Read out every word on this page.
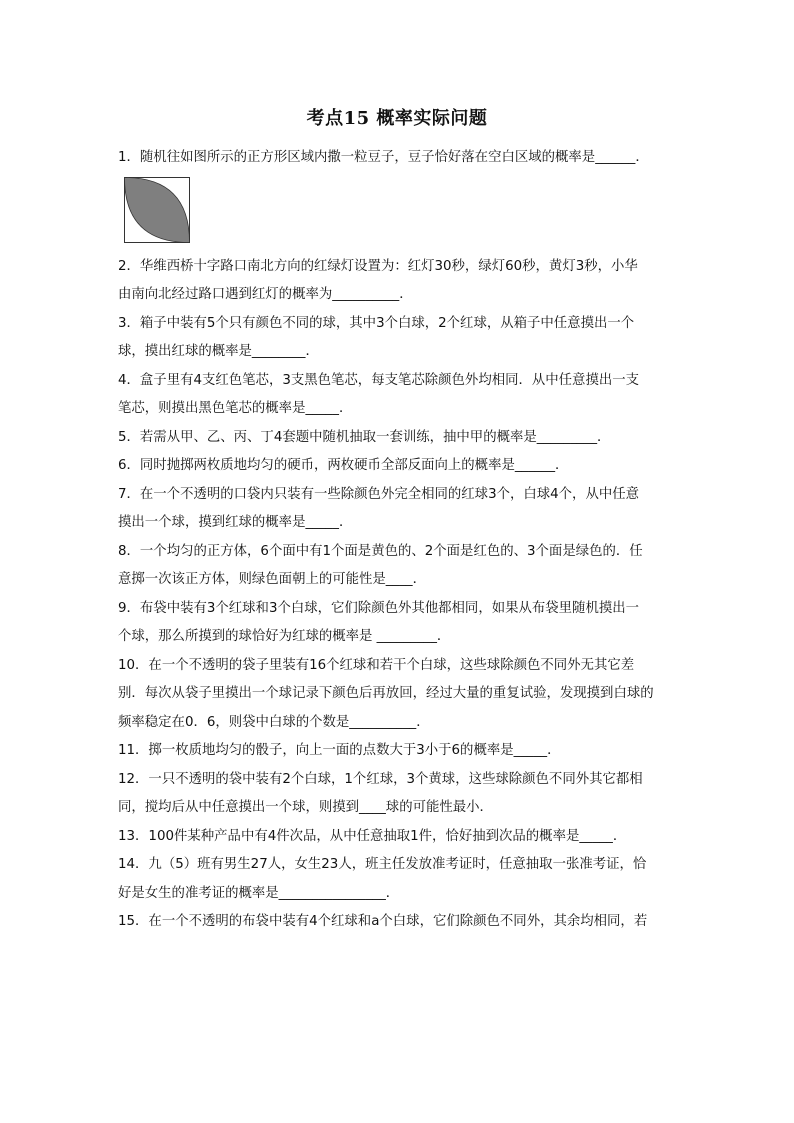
考点15 概率实际问题

1．随机往如图所示的正方形区域内撒一粒豆子，豆子恰好落在空白区域的概率是______．

2．华维西桥十字路口南北方向的红绿灯设置为：红灯30秒，绿灯60秒，黄灯3秒，小华

由南向北经过路口遇到红灯的概率为__________．

3．箱子中装有5个只有颜色不同的球，其中3个白球，2个红球，从箱子中任意摸出一个

球，摸出红球的概率是________．

4．盒子里有4支红色笔芯，3支黑色笔芯，每支笔芯除颜色外均相同．从中任意摸出一支

笔芯，则摸出黑色笔芯的概率是_____．

5．若需从甲、乙、丙、丁4套题中随机抽取一套训练，抽中甲的概率是_________．

6．同时抛掷两枚质地均匀的硬币，两枚硬币全部反面向上的概率是______．

7．在一个不透明的口袋内只装有一些除颜色外完全相同的红球3个，白球4个，从中任意

摸出一个球，摸到红球的概率是_____．

8．一个均匀的正方体，6个面中有1个面是黄色的、2个面是红色的、3个面是绿色的．任

意掷一次该正方体，则绿色面朝上的可能性是____．

9．布袋中装有3个红球和3个白球，它们除颜色外其他都相同，如果从布袋里随机摸出一

个球，那么所摸到的球恰好为红球的概率是 _________．

10．在一个不透明的袋子里装有16个红球和若干个白球，这些球除颜色不同外无其它差

别．每次从袋子里摸出一个球记录下颜色后再放回，经过大量的重复试验，发现摸到白球的

频率稳定在0．6，则袋中白球的个数是__________．

11．掷一枚质地均匀的骰子，向上一面的点数大于3小于6的概率是_____．

12．一只不透明的袋中装有2个白球，1个红球，3个黄球，这些球除颜色不同外其它都相

同，搅均后从中任意摸出一个球，则摸到____球的可能性最小．

13．100件某种产品中有4件次品，从中任意抽取1件，恰好抽到次品的概率是_____．

14．九（5）班有男生27人，女生23人，班主任发放准考证时，任意抽取一张准考证，恰

好是女生的准考证的概率是________________．

15．在一个不透明的布袋中装有4个红球和a个白球，它们除颜色不同外，其余均相同，若
